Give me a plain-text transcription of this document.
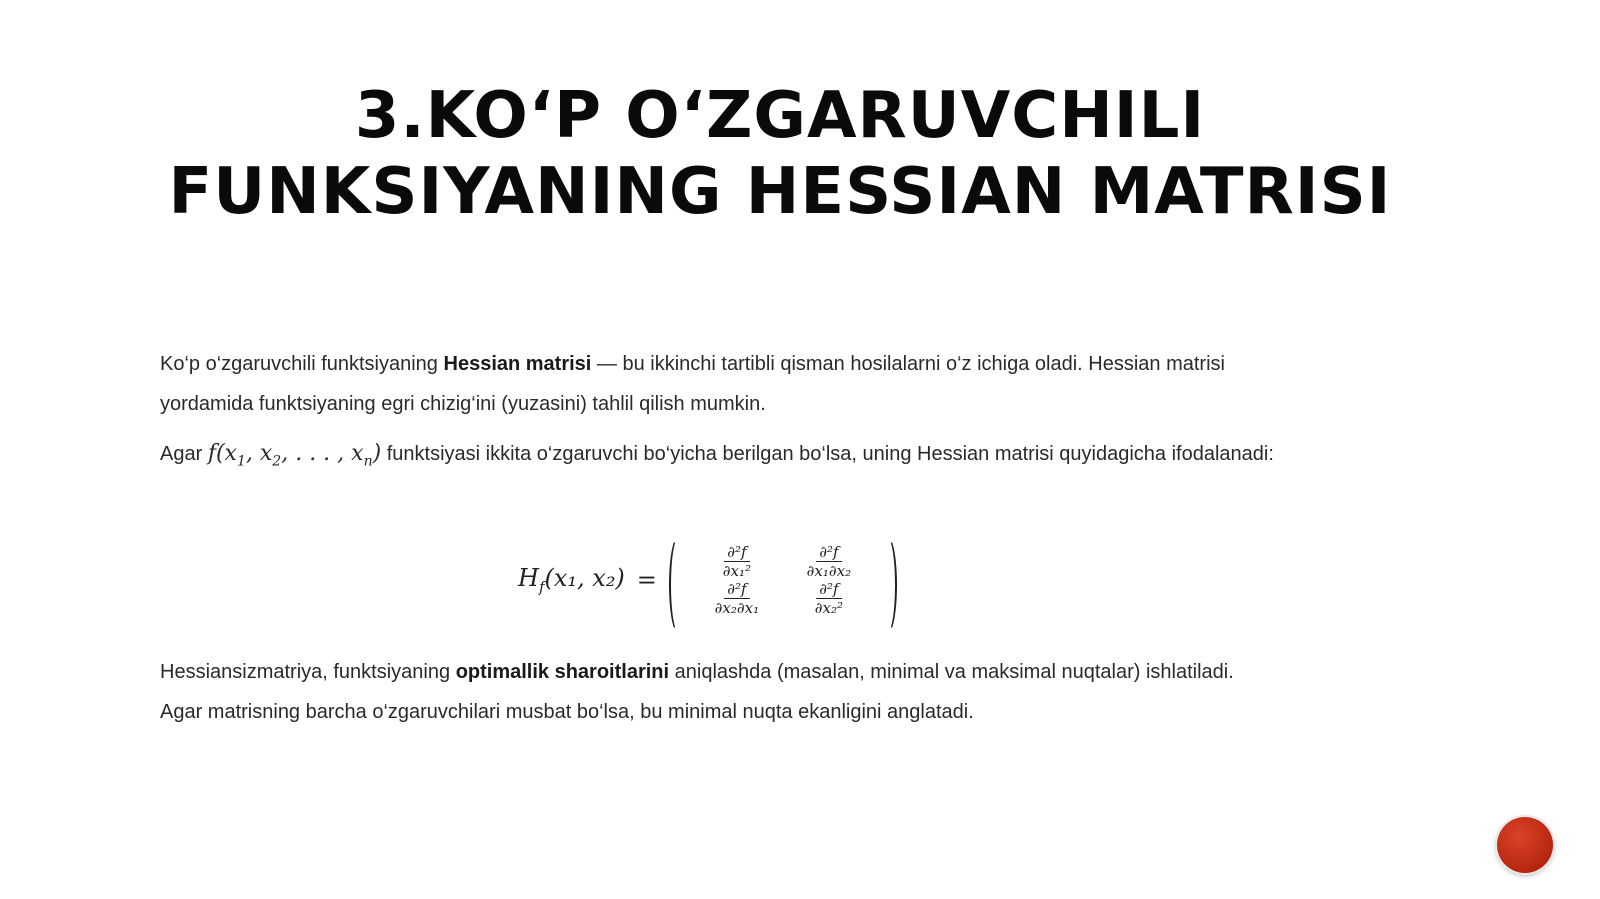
3.KO‘P O‘ZGARUVCHILI
FUNKSIYANING HESSIAN MATRISI

Ko‘p o‘zgaruvchili funktsiyaning Hessian matrisi — bu ikkinchi tartibli qisman hosilalarni o‘z ichiga oladi. Hessian matrisi yordamida funktsiyaning egri chizig‘ini (yuzasini) tahlil qilish mumkin.

Agar $f(x_1$, $x_2$, . . . , $x_n$) funktsiyasi ikkita o‘zgaruvchi bo‘yicha berilgan bo‘lsa, uning Hessian matrisi quyidagicha ifodalanadi:

$H_f(x_1$, x₂) =	$\frac{\text{∂²f}}{\text{∂x₁²}}$	$\frac{\text{∂²f}}{\text{∂x₁∂x₂}}$
$\frac{\text{∂²f}}{\text{∂x₂∂x₁}}$	$\frac{\text{∂²f}}{\text{∂x₂²}}$

Hessiansizmatriya, funktsiyaning optimallik sharoitlarini aniqlashda (masalan, minimal va maksimal nuqtalar) ishlatiladi. Agar matrisning barcha o‘zgaruvchilari musbat bo‘lsa, bu minimal nuqta ekanligini anglatadi.
